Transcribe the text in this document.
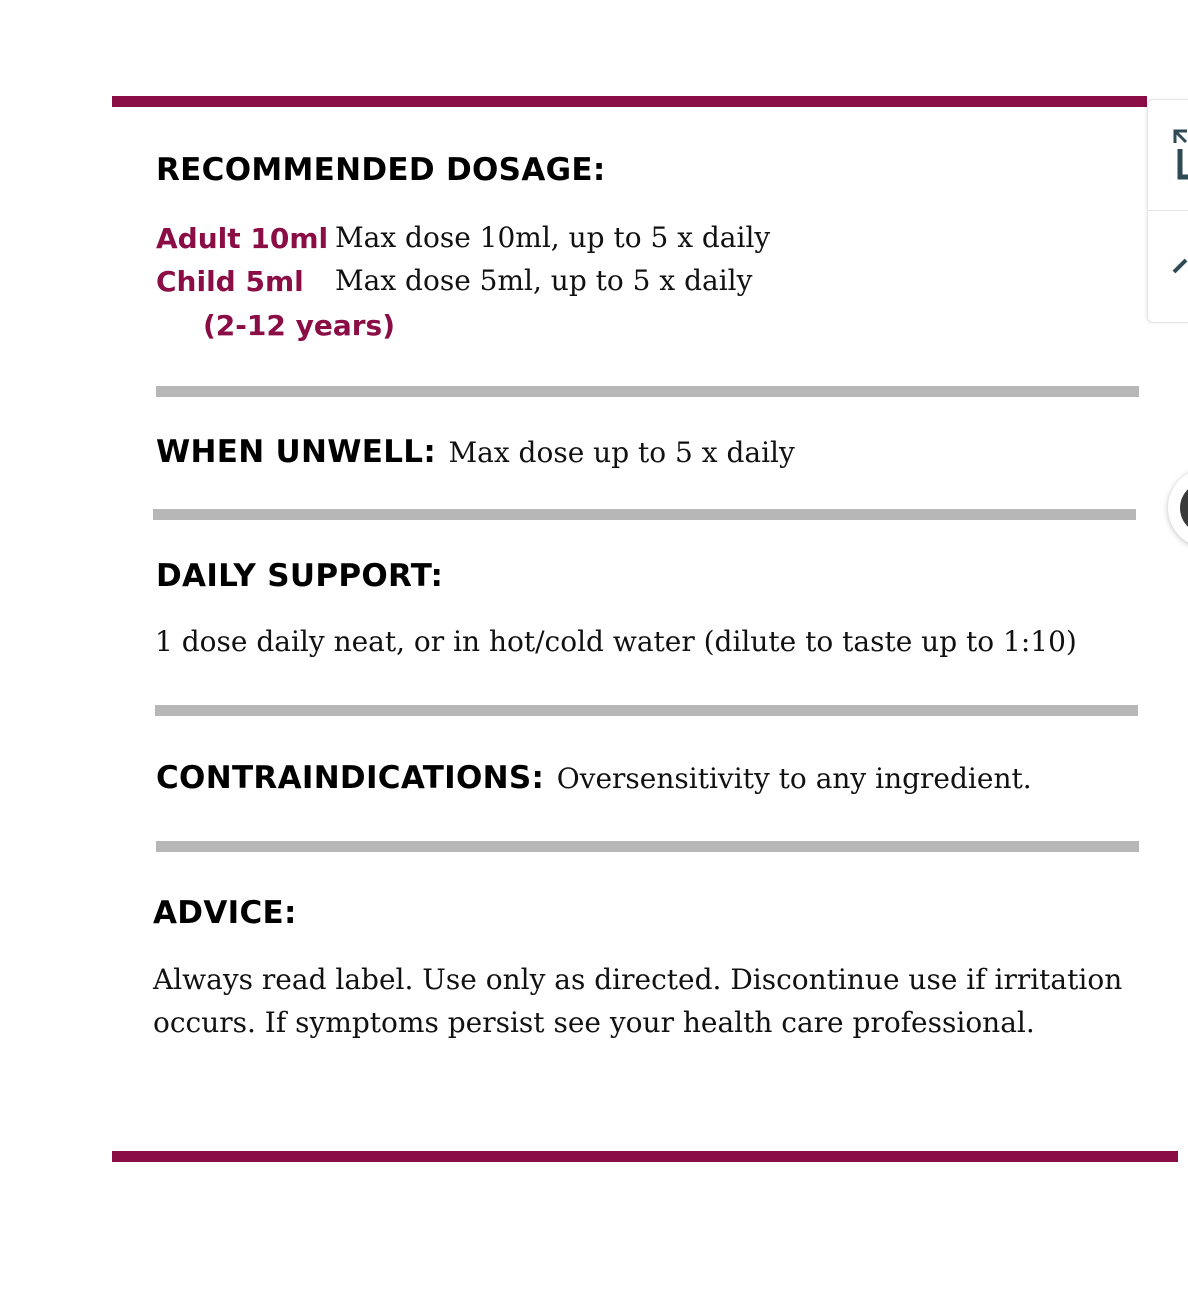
RECOMMENDED DOSAGE:
Adult 10ml Max dose 10ml, up to 5 x daily
Child 5ml Max dose 5ml, up to 5 x daily
(2-12 years)
WHEN UNWELL: Max dose up to 5 x daily
DAILY SUPPORT:
1 dose daily neat, or in hot/cold water (dilute to taste up to 1:10)
CONTRAINDICATIONS: Oversensitivity to any ingredient.
ADVICE:
Always read label. Use only as directed. Discontinue use if irritation occurs. If symptoms persist see your health care professional.
